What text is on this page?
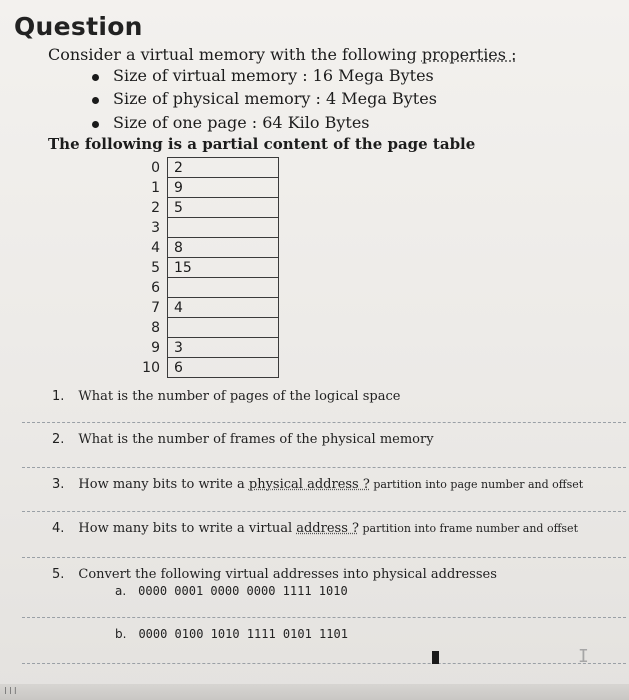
Question
Consider a virtual memory with the following properties :
Size of virtual memory : 16 Mega Bytes
Size of physical memory : 4 Mega Bytes
Size of one page : 64 Kilo Bytes
The following is a partial content of the page table
0	2
1	9
2	5
3
4	8
5	15
6
7	4
8
9	3
10	6
1. What is the number of pages of the logical space
2. What is the number of frames of the physical memory
3. How many bits to write a physical address ? partition into page number and offset
4. How many bits to write a virtual address ? partition into frame number and offset
5. Convert the following virtual addresses into physical addresses
a. 0000 0001 0000 0000 1111 1010
b. 0000 0100 1010 1111 0101 1101
I
III
